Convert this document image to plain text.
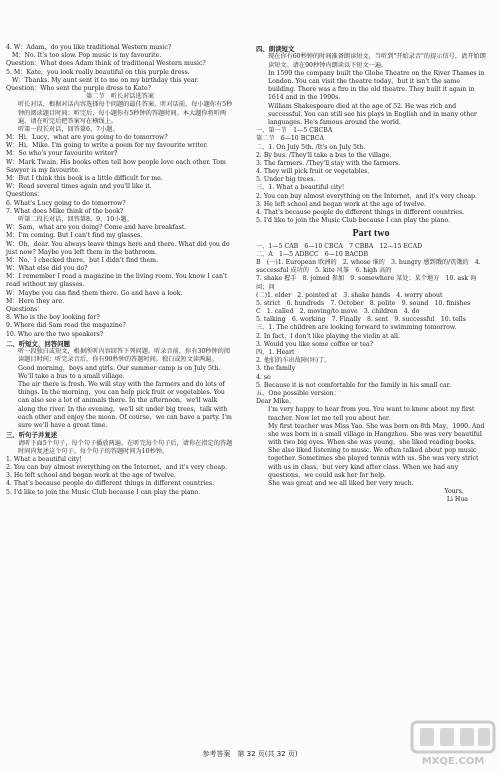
4. W：Adam，do you like traditional Western music?
M：No. It's too slow. Pop music is my favourite.
Question：What does Adam think of traditional Western music?
5. M：Kate，you look really beautiful on this purple dress.
W：Thanks. My aunt sent it to me on my birthday this year.
Question：Who sent the purple dress to Kate?
第二节　听长对话选答案
听长对话，根据对话内容选择每个问题的最佳答案。听对话前，每小题你有5秒钟的阅读题目时间；听完后，每小题你有5秒钟的答题时间。本大题你将听两遍。请在听完后把答案写在横线上。
听第一段长对话，回答第6、7小题。
M：Hi，Lucy，what are you going to do tomorrow?
W：Hi，Mike. I'm going to write a poem for my favourite writer.
M：So who's your favourite writer?
W：Mark Twain. His books often tell how people love each other. Tom Sawyer is my favourite.
M：But I think this book is a little difficult for me.
W：Read several times again and you'll like it.
Questions：
6. What's Lucy going to do tomorrow?
7. What does Mike think of the book?
听第二段长对话，回答第8、9、10小题。
W：Sam，what are you doing? Come and have breakfast.
M：I'm coming. But I can't find my glasses.
W：Oh，dear. You always leave things here and there. What did you do just now? Maybe you left them in the bathroom.
M：No，I checked there，but I didn't find them.
W：What else did you do?
M：I remember I read a magazine in the living room. You know I can't read without my glasses.
W：Maybe you can find them there. Go and have a look.
M：Here they are.
Questions：
8. Who is the boy looking for?
9. Where did Sam read the magazine?
10. Who are the two speakers?
二、听短文，回答问题
听一段独白或短文，根据所听内容回答下列问题。听录音前，你有30秒钟的阅读题目时间；听完录音后，你有90秒钟的答题时间。独白或短文读两遍。
Good morning，boys and girls. Our summer camp is on July 5th. We'll take a bus to a small village.
The air there is fresh. We will stay with the farmers and do lots of things. In the morning，you can help pick fruit or vegetables. You can also see a lot of animals there. In the afternoon，we'll walk along the river. In the evening，we'll sit under big trees，talk with each other and enjoy the moon. Of course，we can have a party. I'm sure we'll have a great time.
三、听句子并复述
请听下面5个句子，每个句子播放两遍。在听完每个句子后，请你在指定的答题时间内复述这个句子。每个句子的答题时间为10秒钟。
1. What a beautiful city!
2. You can buy almost everything on the Internet，and it's very cheap.
3. He left school and began work at the age of twelve.
4. That's because people do different things in different countries.
5. I'd like to join the Music Club because I can play the piano.
四、朗读短文
现在你有60秒钟的时间准备朗读短文，当听到"开始录音"的提示信号，请开始朗读短文。请在90秒钟内朗读以下短文一遍。
In 1599 the company built the Globe Theatre on the River Thames in London. You can visit the theatre today，but it isn't the same building. There was a fire in the old theatre. They built it again in 1614 and in the 1990s.
William Shakespeare died at the age of 52. He was rich and successful. You can still see his plays in English and in many other languages. He's famous around the world.
一、第一节　1—5 CBCBA
第二节　6—10 BCBCA
二、1. On July 5th. /It's on July 5th.
2. By bus. /They'll take a bus to the village.
3. The farmers. /They'll stay with the farmers.
4. They will pick fruit or vegetables.
5. Under big trees.
三、1. What a beautiful city!
2. You can buy almost everything on the Internet，and it's very cheap.
3. He left school and began work at the age of twelve.
4. That's because people do different things in different countries.
5. I'd like to join the Music Club because I can play the piano.
Part two
一、1—5 CAB　6—10 CBCA　7 CBBA　12—15 ECAD
二、A　1—5 ADBCC　6—10 BACDB
B　(一)1. European 欧洲的　2. whose 谁的　3. hungry 感到饿的/饥饿的　4. successful 成功的　5. kite 风筝　6. high 高的
7. shake 握手　8. joined 参加　9. somewhere 某处；某个地方　10. ask 询问；问
(二)1. elder　2. pointed at　3. shake hands　4. worry about
5. strict　6. hundreds　7. October　8. polite　9. sound　10. finishes
C　1. called　2. moving/to move　3. children　4. do
5. talking　6. working　7. Finally　8. sent　9. successful　10. tells
三、1. The children are looking forward to swimming tomorrow.
2. In fact，I don't like playing the violin at all.
3. Would you like some coffee or tea?
四、1. Heart
2. 他们的车出故障(坏)了。
3. the family
4. so
5. Because it is not comfortable for the family in his small car.
五、One possible version：
Dear Mike，
I'm very happy to hear from you. You want to know about my first teacher. Now let me tell you about her.
My first teacher was Miss Yao. She was born on 8th May，1990. And she was born in a small village in Hangzhou. She was very beautiful with two big eyes. When she was young，she liked reading books. She also liked listening to music. We often talked about pop music together. Sometimes she played tennis with us. She was very strict with us in class，but very kind after class. When we had any questions，we could ask her for help.
She was great and we all liked her very much.
Yours，
Li Hua
参考答案　第 32 页(共 32 页)
MXQE.COM
